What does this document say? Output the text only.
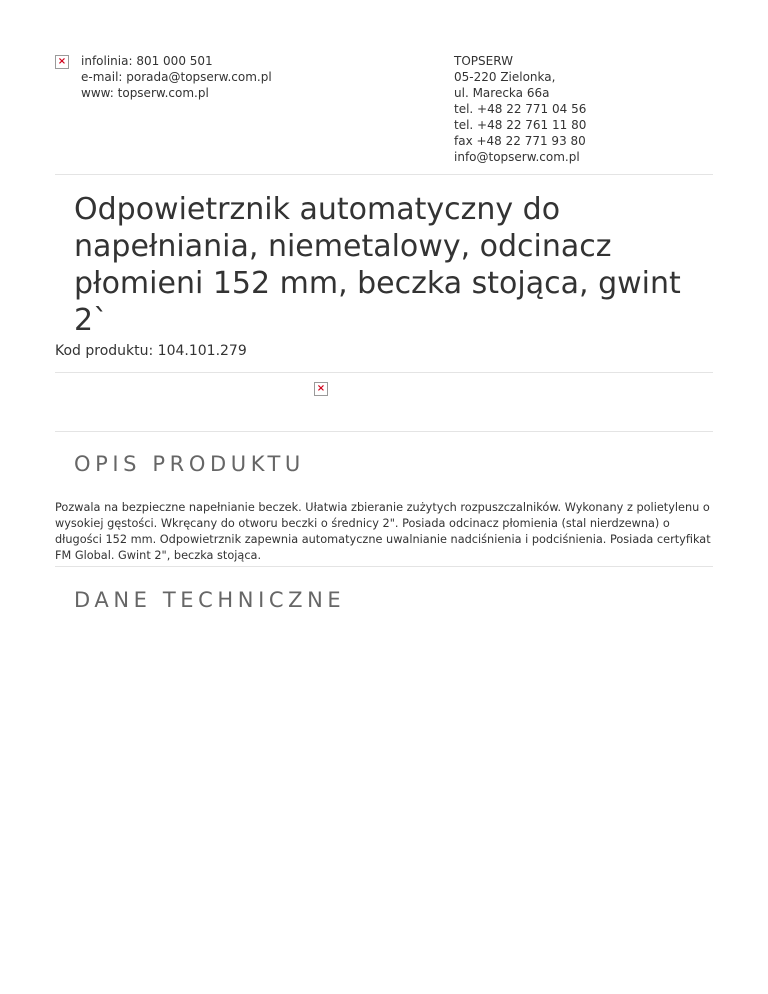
× infolinia: 801 000 501
e-mail: porada@topserw.com.pl
www: topserw.com.pl
TOPSERW
05-220 Zielonka,
ul. Marecka 66a
tel. +48 22 771 04 56
tel. +48 22 761 11 80
fax +48 22 771 93 80
info@topserw.com.pl
Odpowietrznik automatyczny do napełniania, niemetalowy, odcinacz płomieni 152 mm, beczka stojąca, gwint 2`
Kod produktu: 104.101.279
×
OPIS PRODUKTU

Pozwala na bezpieczne napełnianie beczek. Ułatwia zbieranie zużytych rozpuszczalników. Wykonany z polietylenu o wysokiej gęstości. Wkręcany do otworu beczki o średnicy 2". Posiada odcinacz płomienia (stal nierdzewna) o długości 152 mm. Odpowietrznik zapewnia automatyczne uwalnianie nadciśnienia i podciśnienia. Posiada certyfikat FM Global. Gwint 2", beczka stojąca.

DANE TECHNICZNE
